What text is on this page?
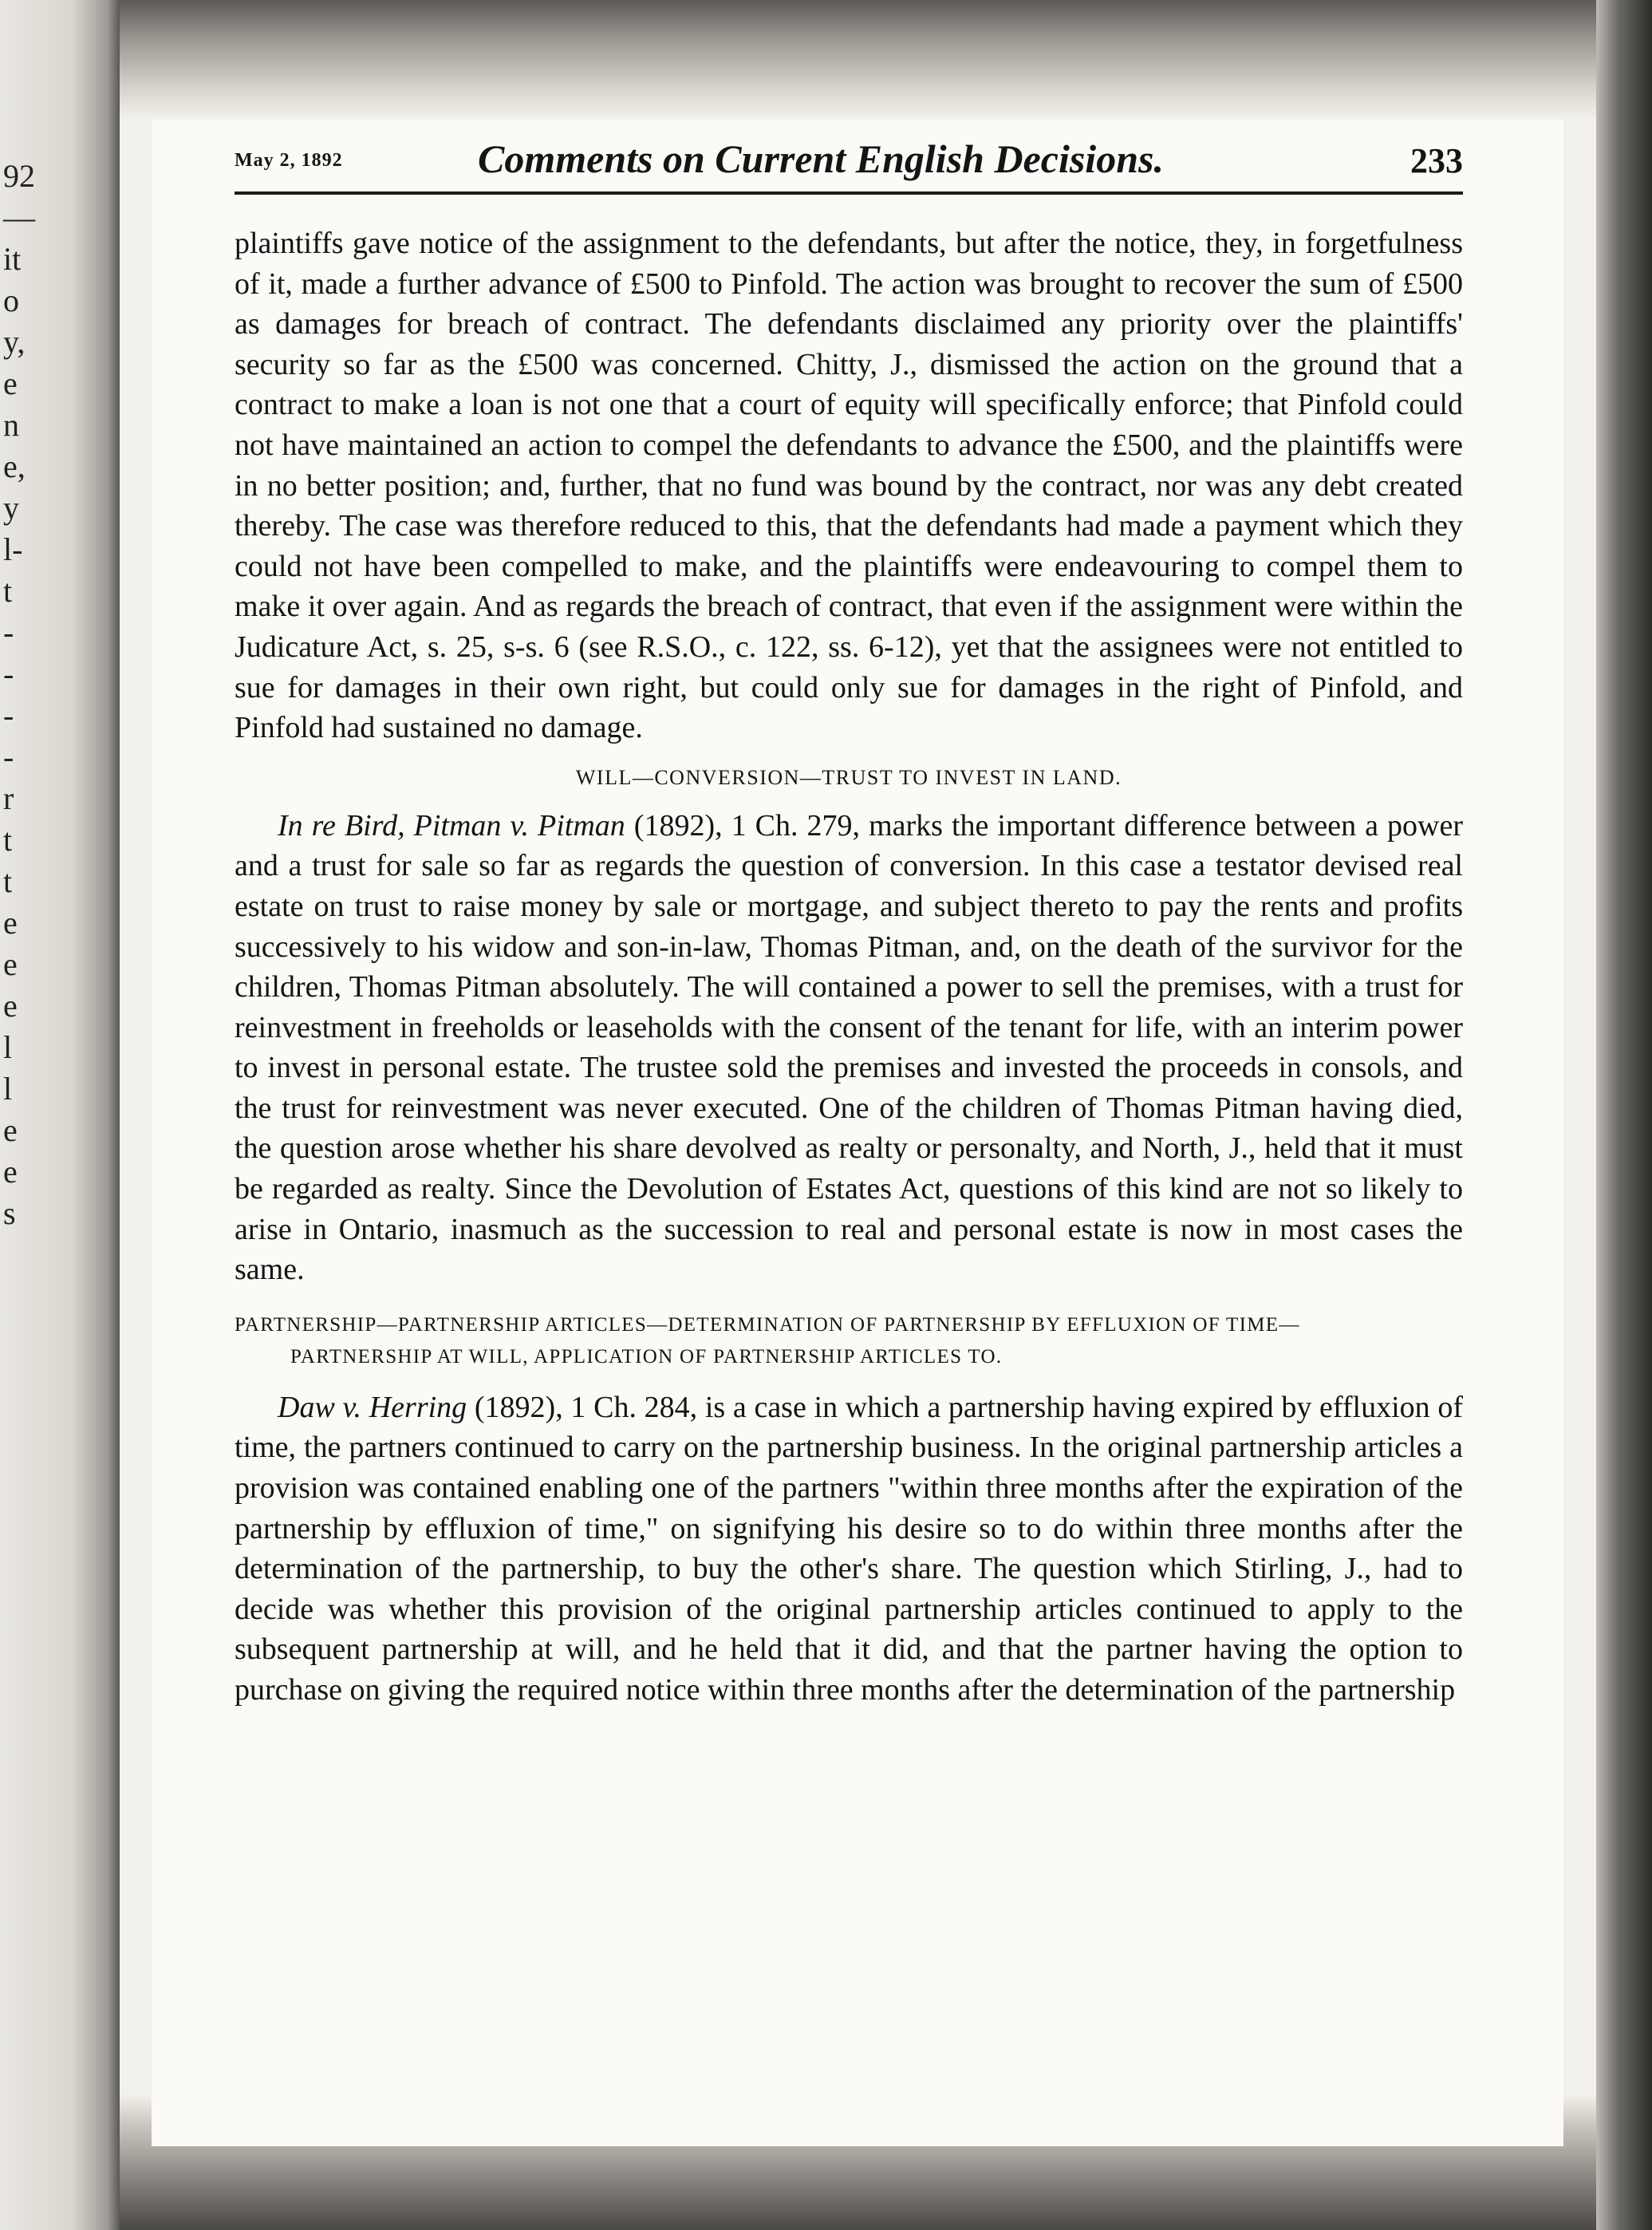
92
—
it
o
y,
e
n
e,
y
l-
t
-
-
-
-
r
t
t
e
e
e
l
l
e
e
s
May 2, 1892	Comments on Current English Decisions.	233

plaintiffs gave notice of the assignment to the defendants, but after the notice, they, in forgetfulness of it, made a further advance of £500 to Pinfold. The action was brought to recover the sum of £500 as damages for breach of contract. The defendants disclaimed any priority over the plaintiffs' security so far as the £500 was concerned. Chitty, J., dismissed the action on the ground that a contract to make a loan is not one that a court of equity will specifically enforce; that Pinfold could not have maintained an action to compel the defendants to advance the £500, and the plaintiffs were in no better position; and, further, that no fund was bound by the contract, nor was any debt created thereby. The case was therefore reduced to this, that the defendants had made a payment which they could not have been compelled to make, and the plaintiffs were endeavouring to compel them to make it over again. And as regards the breach of contract, that even if the assignment were within the Judicature Act, s. 25, s-s. 6 (see R.S.O., c. 122, ss. 6-12), yet that the assignees were not entitled to sue for damages in their own right, but could only sue for damages in the right of Pinfold, and Pinfold had sustained no damage.

WILL—CONVERSION—TRUST TO INVEST IN LAND.

In re Bird, Pitman v. Pitman (1892), 1 Ch. 279, marks the important difference between a power and a trust for sale so far as regards the question of conversion. In this case a testator devised real estate on trust to raise money by sale or mortgage, and subject thereto to pay the rents and profits successively to his widow and son-in-law, Thomas Pitman, and, on the death of the survivor for the children, Thomas Pitman absolutely. The will contained a power to sell the premises, with a trust for reinvestment in freeholds or leaseholds with the consent of the tenant for life, with an interim power to invest in personal estate. The trustee sold the premises and invested the proceeds in consols, and the trust for reinvestment was never executed. One of the children of Thomas Pitman having died, the question arose whether his share devolved as realty or personalty, and North, J., held that it must be regarded as realty. Since the Devolution of Estates Act, questions of this kind are not so likely to arise in Ontario, inasmuch as the succession to real and personal estate is now in most cases the same.

PARTNERSHIP—PARTNERSHIP ARTICLES—DETERMINATION OF PARTNERSHIP BY EFFLUXION OF TIME—
PARTNERSHIP AT WILL, APPLICATION OF PARTNERSHIP ARTICLES TO.

Daw v. Herring (1892), 1 Ch. 284, is a case in which a partnership having expired by effluxion of time, the partners continued to carry on the partnership business. In the original partnership articles a provision was contained enabling one of the partners "within three months after the expiration of the partnership by effluxion of time," on signifying his desire so to do within three months after the determination of the partnership, to buy the other's share. The question which Stirling, J., had to decide was whether this provision of the original partnership articles continued to apply to the subsequent partnership at will, and he held that it did, and that the partner having the option to purchase on giving the required notice within three months after the determination of the partnership
